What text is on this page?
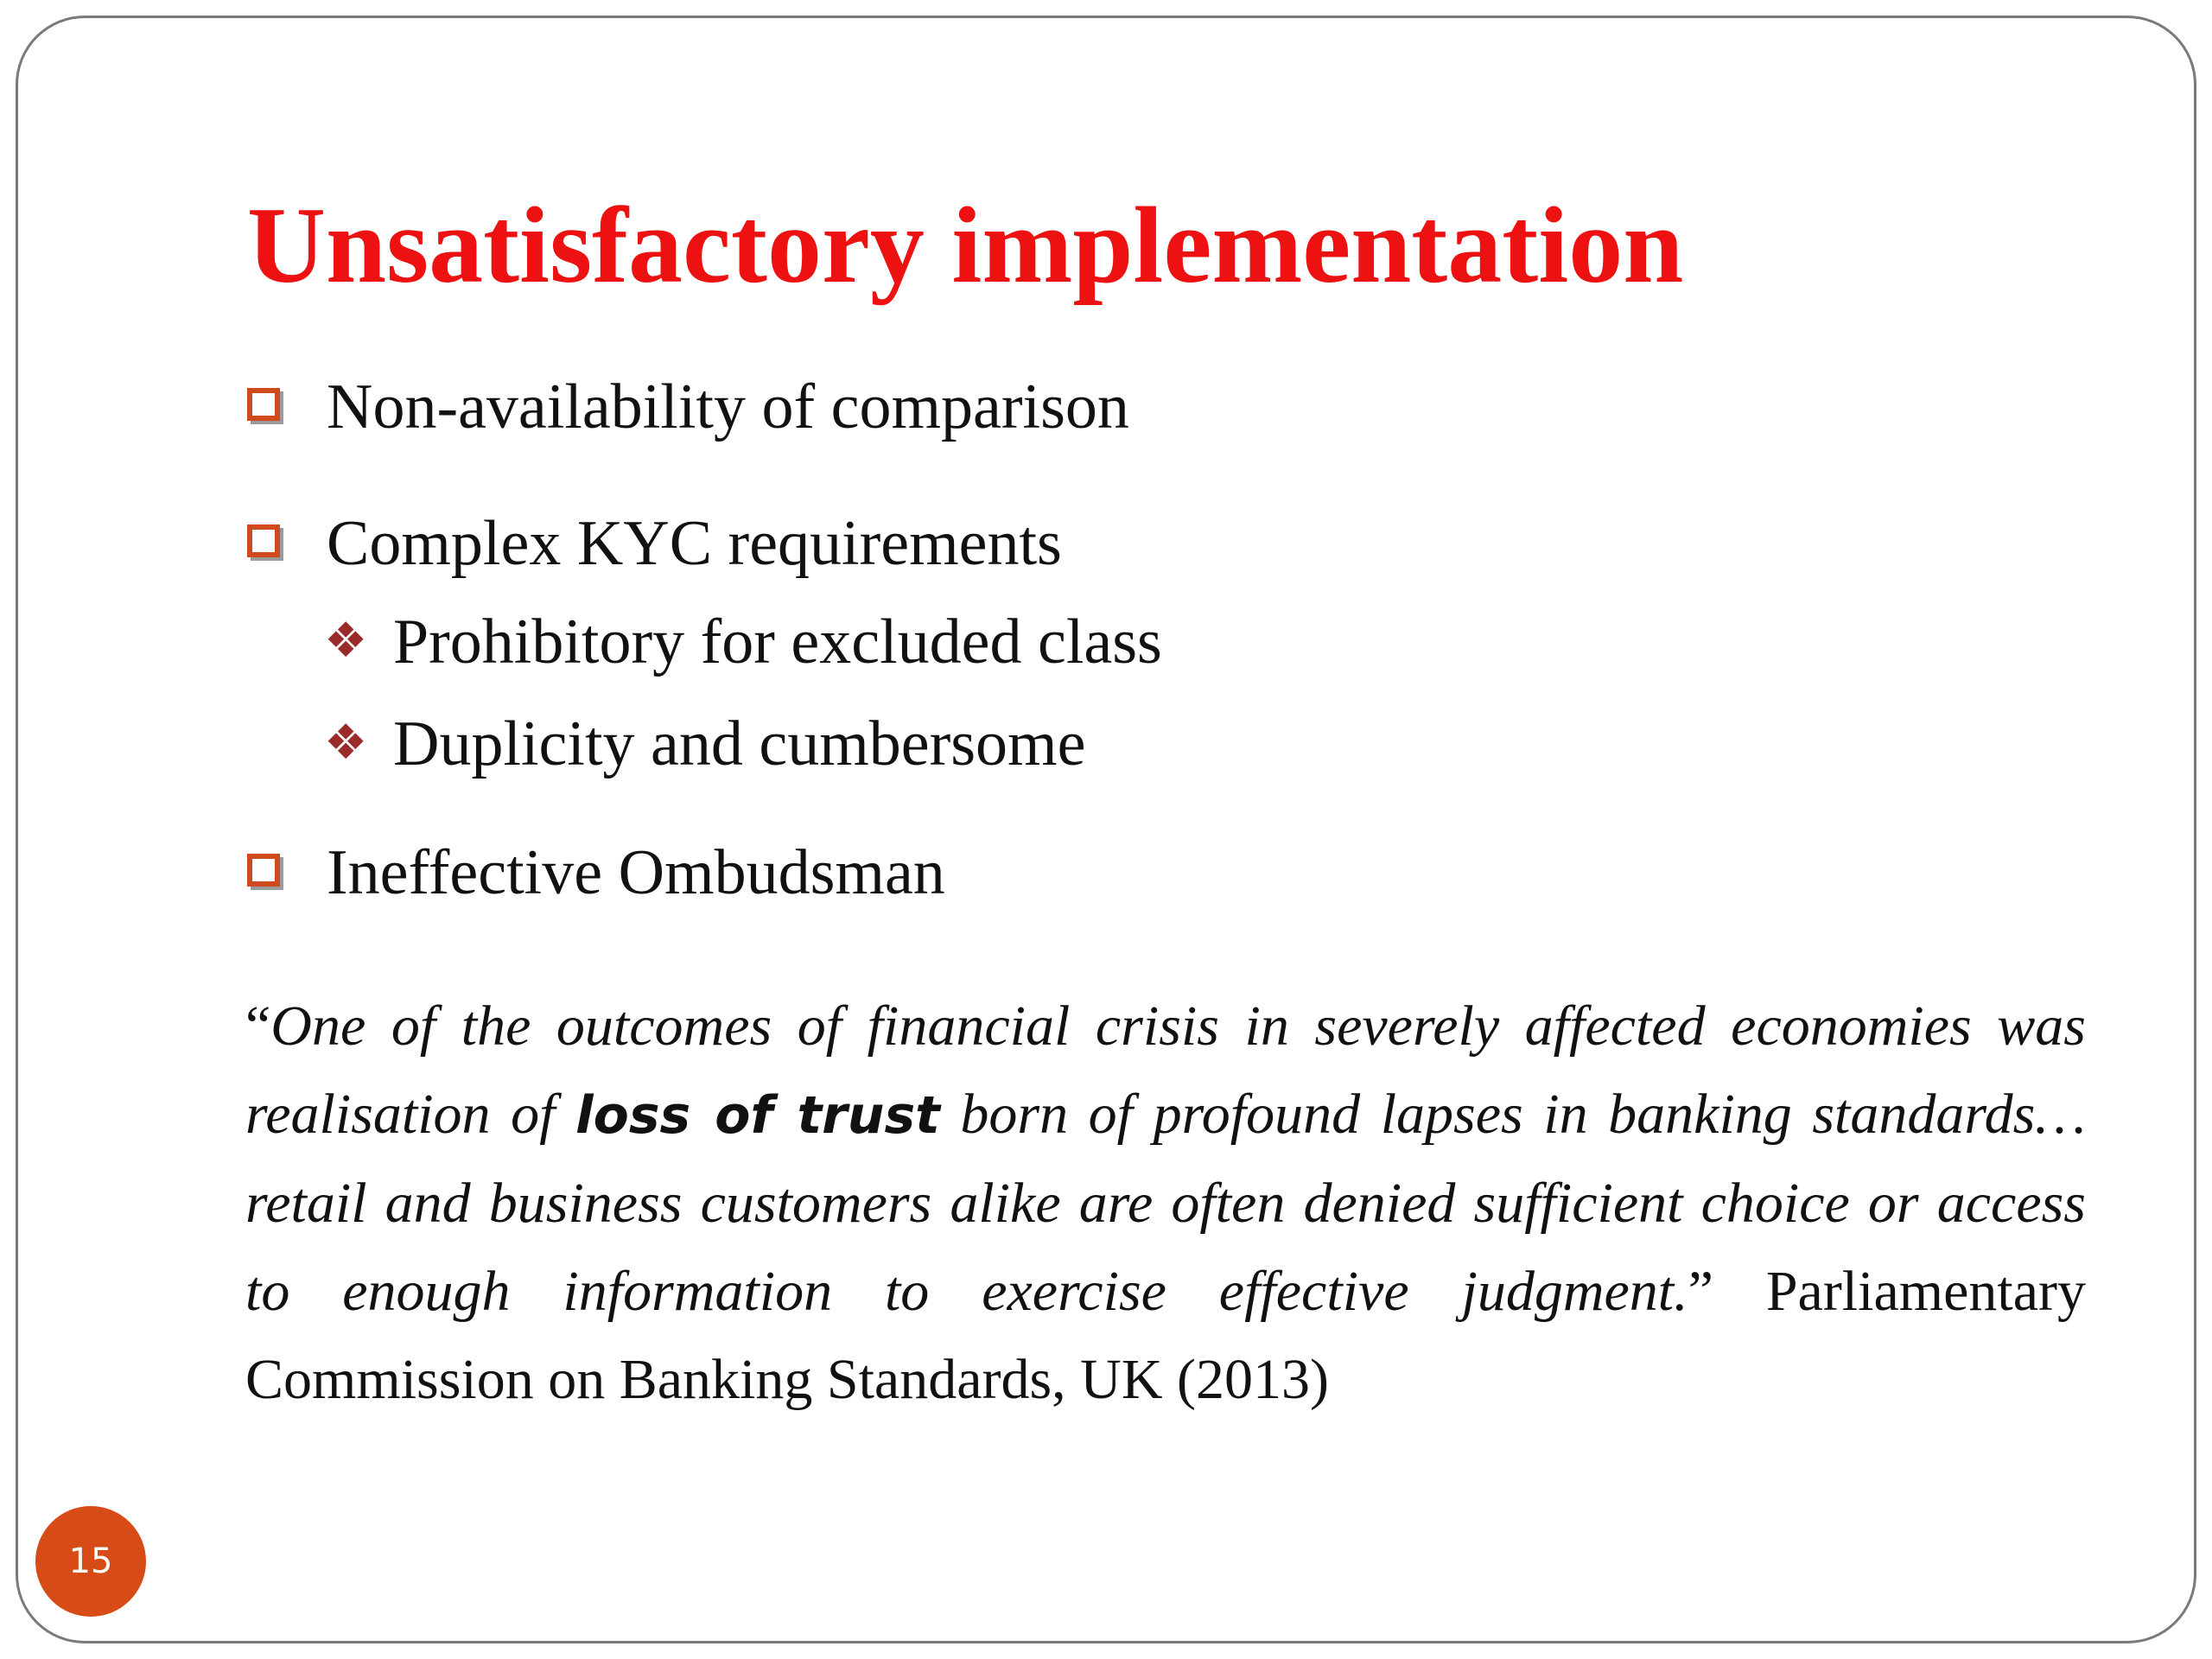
Unsatisfactory implementation
Non-availability of comparison
Complex KYC requirements
❖ Prohibitory for excluded class
❖ Duplicity and cumbersome
Ineffective Ombudsman

“One of the outcomes of financial crisis in severely affected economies was realisation of loss of trust born of profound lapses in banking standards… retail and business customers alike are often denied sufficient choice or access to enough information to exercise effective judgment.” Parliamentary Commission on Banking Standards, UK (2013)

15
